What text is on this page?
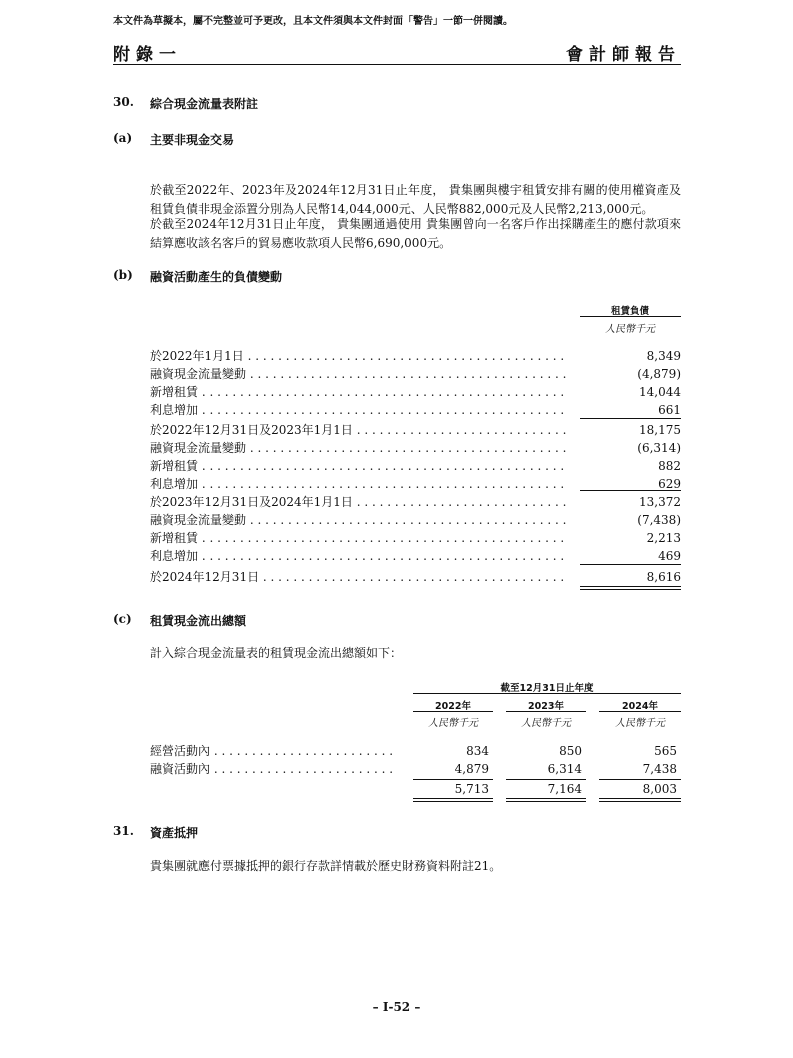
本文件為草擬本，屬不完整並可予更改，且本文件須與本文件封面「警告」一節一併閱讀。
附錄一	會計師報告
30. 綜合現金流量表附註
(a) 主要非現金交易
於截至2022年、2023年及2024年12月31日止年度， 貴集團與樓宇租賃安排有關的使用權資產及租賃負債非現金添置分別為人民幣14,044,000元、人民幣882,000元及人民幣2,213,000元。
於截至2024年12月31日止年度， 貴集團通過使用 貴集團曾向一名客戶作出採購產生的應付款項來結算應收該名客戶的貿易應收款項人民幣6,690,000元。
(b) 融資活動產生的負債變動
租賃負債
人民幣千元
於2022年1月1日 . . .	8,349
融資現金流量變動 . . .	(4,879)
新增租賃 . . .	14,044
利息增加 . . .	661
於2022年12月31日及2023年1月1日 . . .	18,175
融資現金流量變動 . . .	(6,314)
新增租賃 . . .	882
利息增加 . . .	629
於2023年12月31日及2024年1月1日 . . .	13,372
融資現金流量變動 . . .	(7,438)
新增租賃 . . .	2,213
利息增加 . . .	469
於2024年12月31日 . . .	8,616
(c) 租賃現金流出總額
計入綜合現金流量表的租賃現金流出總額如下：
截至12月31日止年度
2022年	2023年	2024年
人民幣千元	人民幣千元	人民幣千元
經營活動內 . . .	834	850	565
融資活動內 . . .	4,879	6,314	7,438
5,713	7,164	8,003
31. 資產抵押
貴集團就應付票據抵押的銀行存款詳情載於歷史財務資料附註21。
– I-52 –
